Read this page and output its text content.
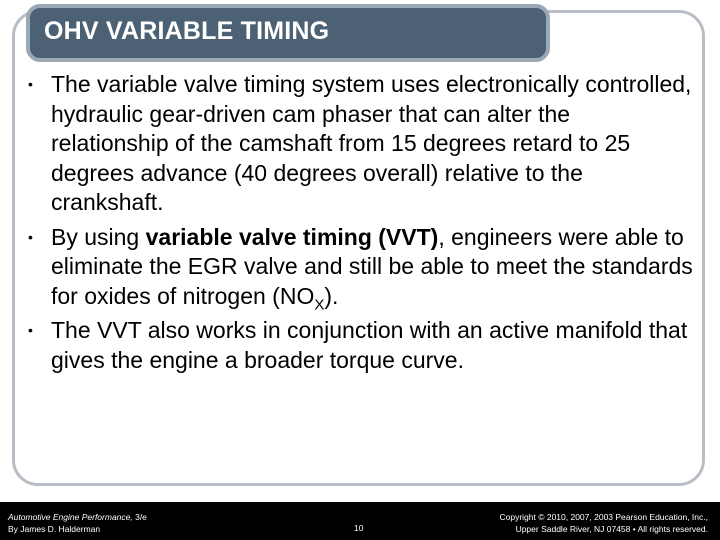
OHV VARIABLE TIMING
• The variable valve timing system uses electronically controlled, hydraulic gear-driven cam phaser that can alter the relationship of the camshaft from 15 degrees retard to 25 degrees advance (40 degrees overall) relative to the crankshaft.
• By using variable valve timing (VVT), engineers were able to eliminate the EGR valve and still be able to meet the standards for oxides of nitrogen $(NO_X)$.
• The VVT also works in conjunction with an active manifold that gives the engine a broader torque curve.
Automotive Engine Performance, 3/e
By James D. Halderman	10
Copyright © 2010, 2007, 2003 Pearson Education, Inc.,
Upper Saddle River, NJ 07458 • All rights reserved.
